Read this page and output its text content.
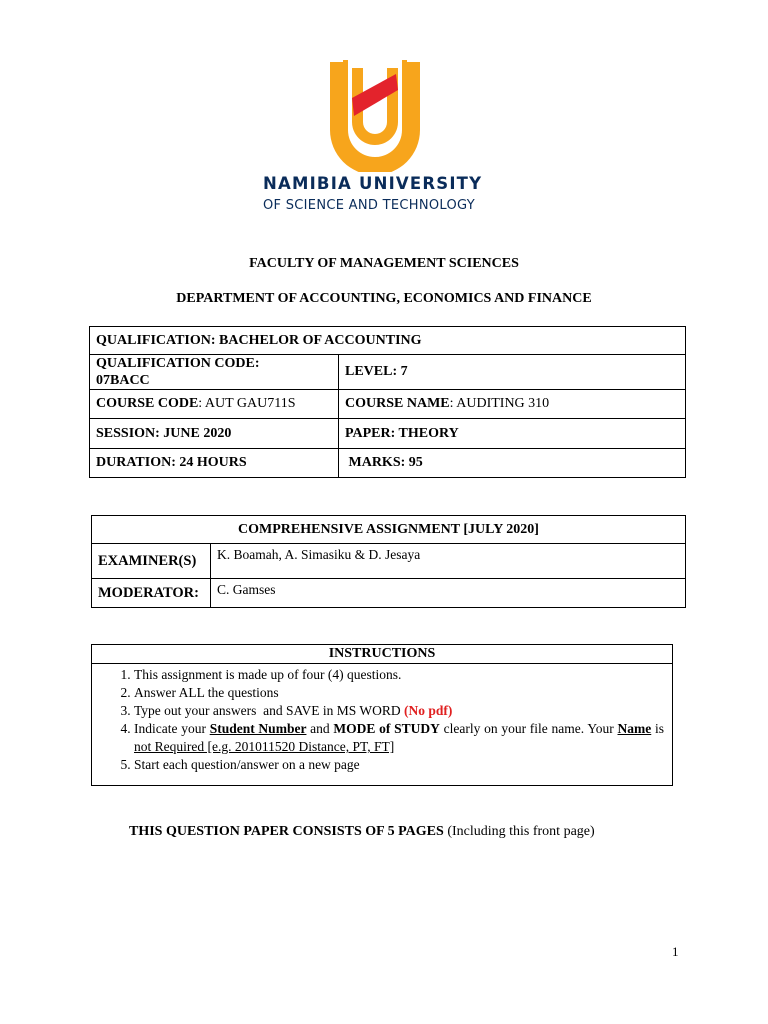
NAMIBIA UNIVERSITY
OF SCIENCE AND TECHNOLOGY
FACULTY OF MANAGEMENT SCIENCES
DEPARTMENT OF ACCOUNTING, ECONOMICS AND FINANCE
QUALIFICATION: BACHELOR OF ACCOUNTING	
QUALIFICATION CODE:
07BACC	LEVEL: 7
COURSE CODE: AUT GAU711S	COURSE NAME: AUDITING 310
SESSION: JUNE 2020	PAPER: THEORY
DURATION: 24 HOURS	MARKS: 95
COMPREHENSIVE ASSIGNMENT [JULY 2020]	
EXAMINER(S)	K. Boamah, A. Simasiku & D. Jesaya
MODERATOR:	C. Gamses
INSTRUCTIONS
1. This assignment is made up of four (4) questions.
2. Answer ALL the questions
3. Type out your answers  and SAVE in MS WORD (No pdf)
4. Indicate your Student Number and MODE of STUDY clearly on your file name. Your Name is not Required [e.g. 201011520 Distance, PT, FT]
5. Start each question/answer on a new page
THIS QUESTION PAPER CONSISTS OF 5 PAGES (Including this front page)
1
